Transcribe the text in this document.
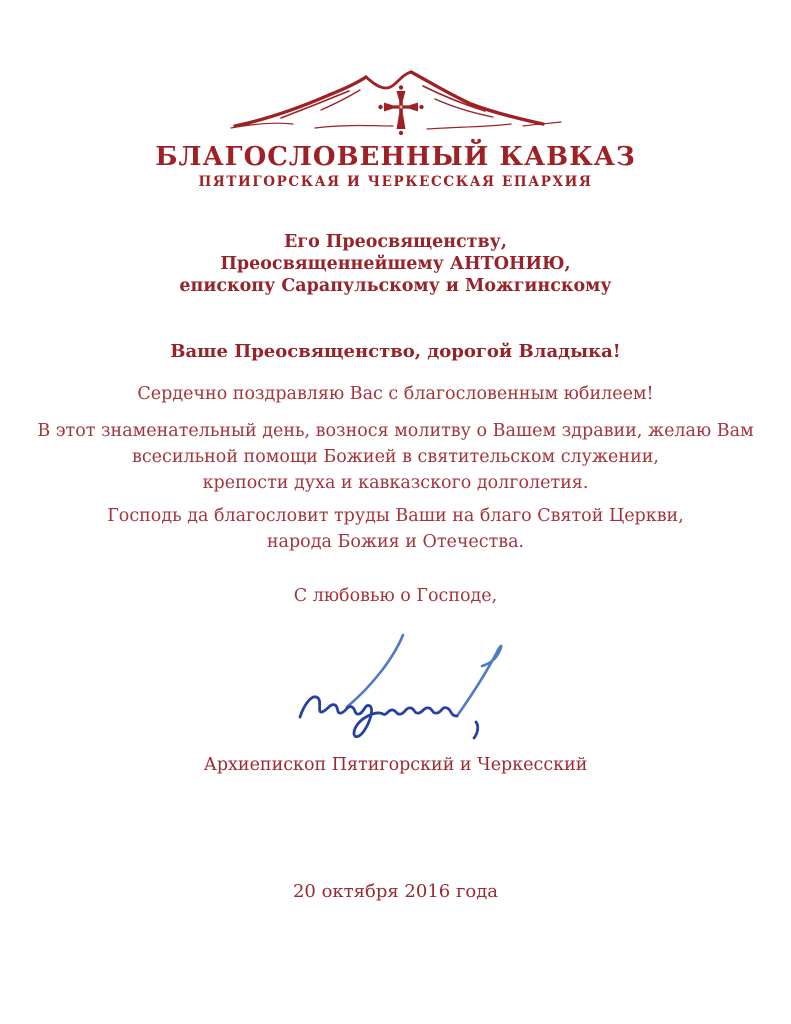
БЛАГОСЛОВЕННЫЙ КАВКАЗ
ПЯТИГОРСКАЯ И ЧЕРКЕССКАЯ ЕПАРХИЯ
Его Преосвященству,
Преосвященнейшему АНТОНИЮ,
епископу Сарапульскому и Можгинскому
Ваше Преосвященство, дорогой Владыка!
Сердечно поздравляю Вас с благословенным юбилеем!
В этот знаменательный день, вознося молитву о Вашем здравии, желаю Вам
всесильной помощи Божией в святительском служении,
крепости духа и кавказского долголетия.
Господь да благословит труды Ваши на благо Святой Церкви,
народа Божия и Отечества.
С любовью о Господе,
Архиепископ Пятигорский и Черкесский
20 октября 2016 года
